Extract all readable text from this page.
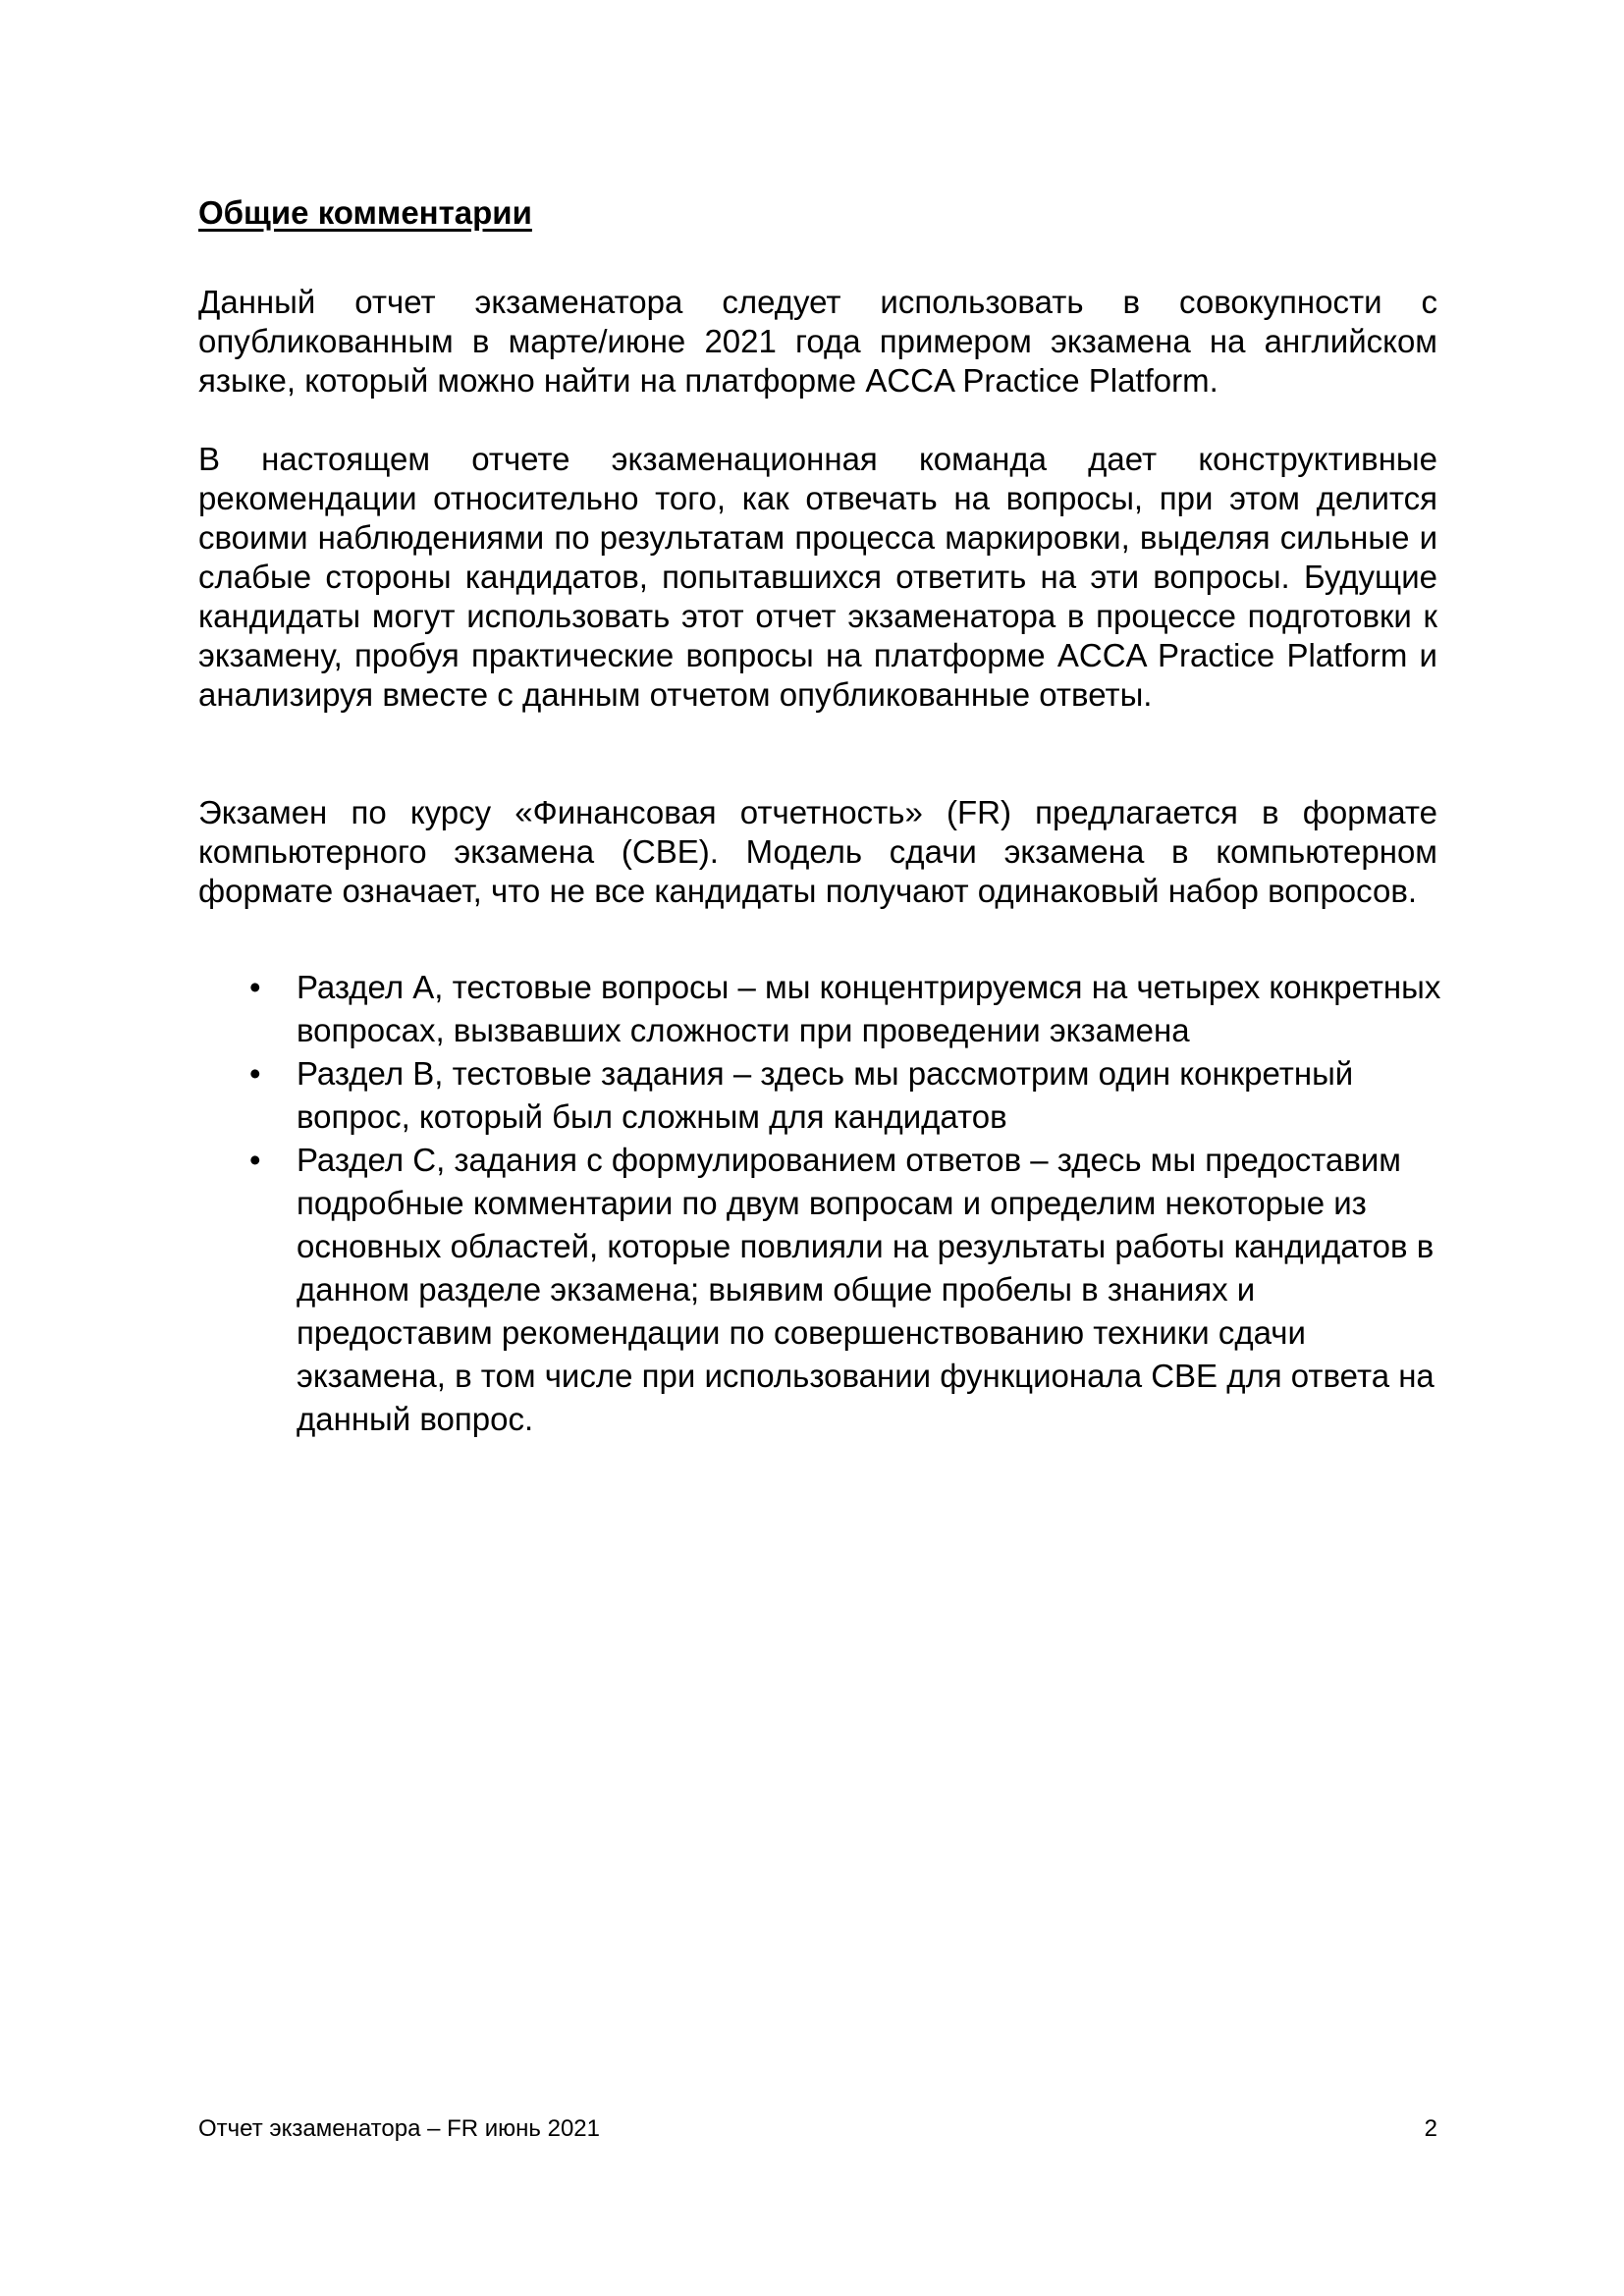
Общие комментарии

Данный отчет экзаменатора следует использовать в совокупности с опубликованным в марте/июне 2021 года примером экзамена на английском языке, который можно найти на платформе ACCA Practice Platform.

В настоящем отчете экзаменационная команда дает конструктивные рекомендации относительно того, как отвечать на вопросы, при этом делится своими наблюдениями по результатам процесса маркировки, выделяя сильные и слабые стороны кандидатов, попытавшихся ответить на эти вопросы. Будущие кандидаты могут использовать этот отчет экзаменатора в процессе подготовки к экзамену, пробуя практические вопросы на платформе ACCA Practice Platform и анализируя вместе с данным отчетом опубликованные ответы.

Экзамен по курсу «Финансовая отчетность» (FR) предлагается в формате компьютерного экзамена (CBE). Модель сдачи экзамена в компьютерном формате означает, что не все кандидаты получают одинаковый набор вопросов.

• Раздел А, тестовые вопросы – мы концентрируемся на четырех конкретных вопросах, вызвавших сложности при проведении экзамена
• Раздел B, тестовые задания – здесь мы рассмотрим один конкретный вопрос, который был сложным для кандидатов
• Раздел C, задания с формулированием ответов – здесь мы предоставим подробные комментарии по двум вопросам и определим некоторые из основных областей, которые повлияли на результаты работы кандидатов в данном разделе экзамена; выявим общие пробелы в знаниях и предоставим рекомендации по совершенствованию техники сдачи экзамена, в том числе при использовании функционала CBE для ответа на данный вопрос.
Отчет экзаменатора – FR июнь 2021	2
